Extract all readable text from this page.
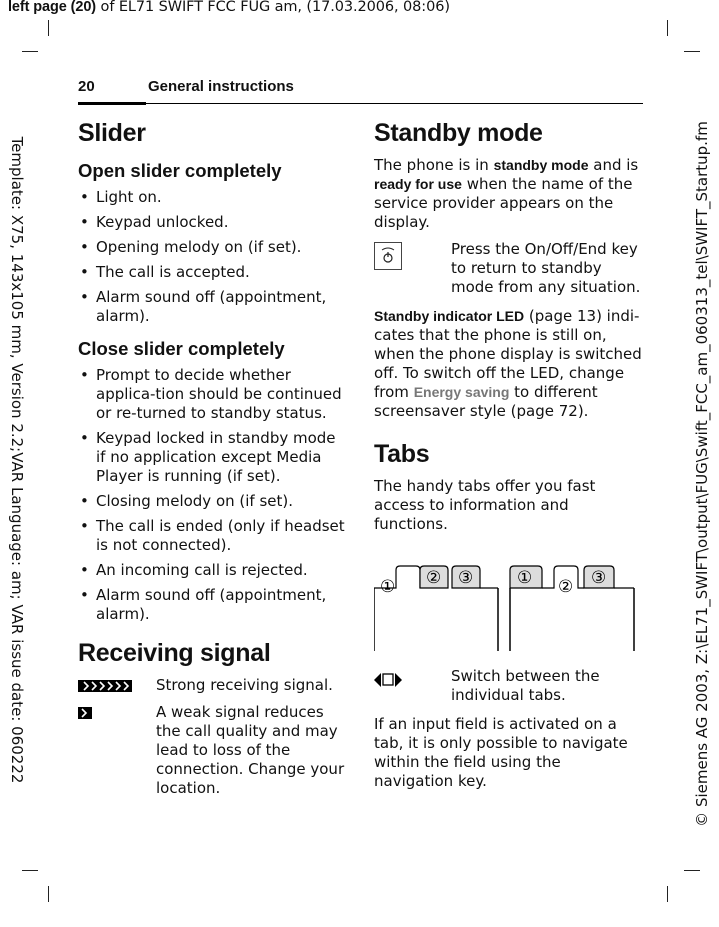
left page (20) of EL71 SWIFT FCC FUG am, (17.03.2006, 08:06)
Template: X75, 143x105 mm, Version 2.2;VAR Language: am; VAR issue date: 060222	© Siemens AG 2003, Z:\EL71_SWIFT\output\FUG\Swift_FCC_am_060313_tel\SWIFT_Startup.fm
20	General instructions
Slider
Open slider completely
• Light on.
• Keypad unlocked.
• Opening melody on (if set).
• The call is accepted.
• Alarm sound off (appointment, alarm).
Close slider completely
• Prompt to decide whether applica-tion should be continued or re-turned to standby status.
• Keypad locked in standby mode if no application except Media Player is running (if set).
• Closing melody on (if set).
• The call is ended (only if headset is not connected).
• An incoming call is rejected.
• Alarm sound off (appointment, alarm).
Receiving signal
Strong receiving signal.
A weak signal reduces the call quality and may lead to loss of the connection. Change your location.
Standby mode

The phone is in standby mode and is ready for use when the name of the service provider appears on the display.

Press the On/Off/End key to return to standby mode from any situation.

Standby indicator LED (page 13) indi-cates that the phone is still on, when the phone display is switched off. To switch off the LED, change from Energy saving to different screensaver style (page 72).

Tabs

The handy tabs offer you fast access to information and functions.

① ② ③	① ② ③
Switch between the individual tabs.

If an input field is activated on a tab, it is only possible to navigate within the field using the navigation key.
